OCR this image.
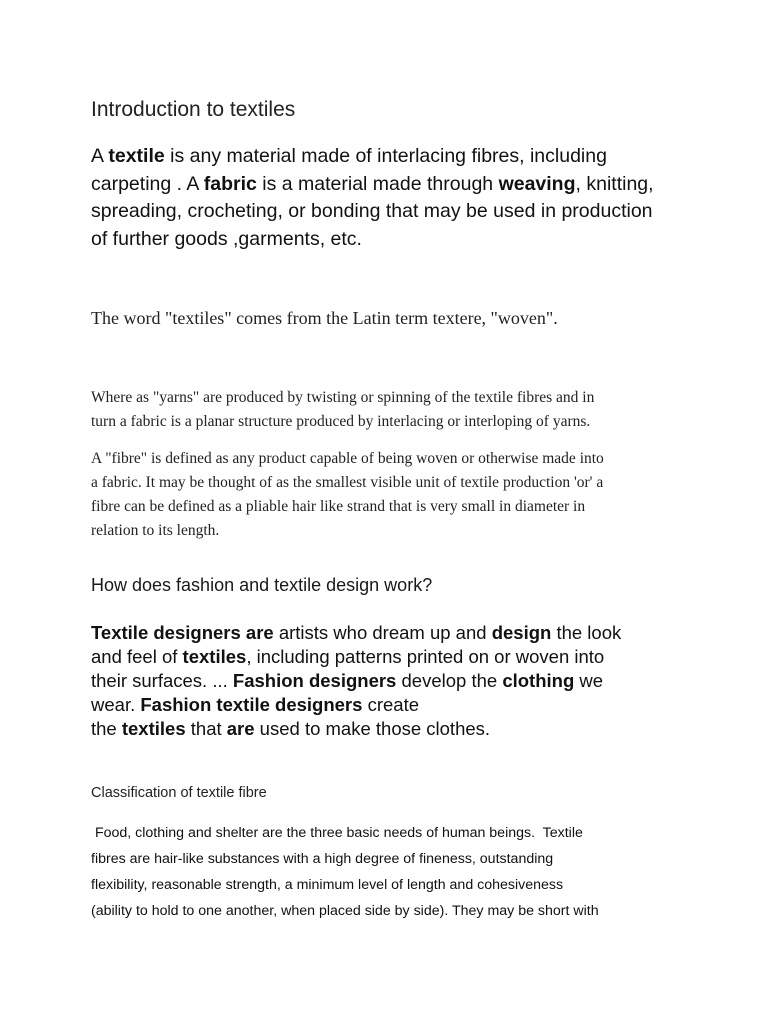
Introduction to textiles

A textile is any material made of interlacing fibres, including
carpeting . A fabric is a material made through weaving, knitting,
spreading, crocheting, or bonding that may be used in production
of further goods ,garments, etc.

The word "textiles" comes from the Latin term textere, "woven".

Where as "yarns" are produced by twisting or spinning of the textile fibres and in
turn a fabric is a planar structure produced by interlacing or interloping of yarns.

A "fibre" is defined as any product capable of being woven or otherwise made into
a fabric. It may be thought of as the smallest visible unit of textile production 'or' a
fibre can be defined as a pliable hair like strand that is very small in diameter in
relation to its length.

How does fashion and textile design work?

Textile designers are artists who dream up and design the look
and feel of textiles, including patterns printed on or woven into
their surfaces. ... Fashion designers develop the clothing we
wear. Fashion textile designers create
the textiles that are used to make those clothes.

Classification of textile fibre

Food, clothing and shelter are the three basic needs of human beings.  Textile
fibres are hair-like substances with a high degree of fineness, outstanding
flexibility, reasonable strength, a minimum level of length and cohesiveness
(ability to hold to one another, when placed side by side). They may be short with
